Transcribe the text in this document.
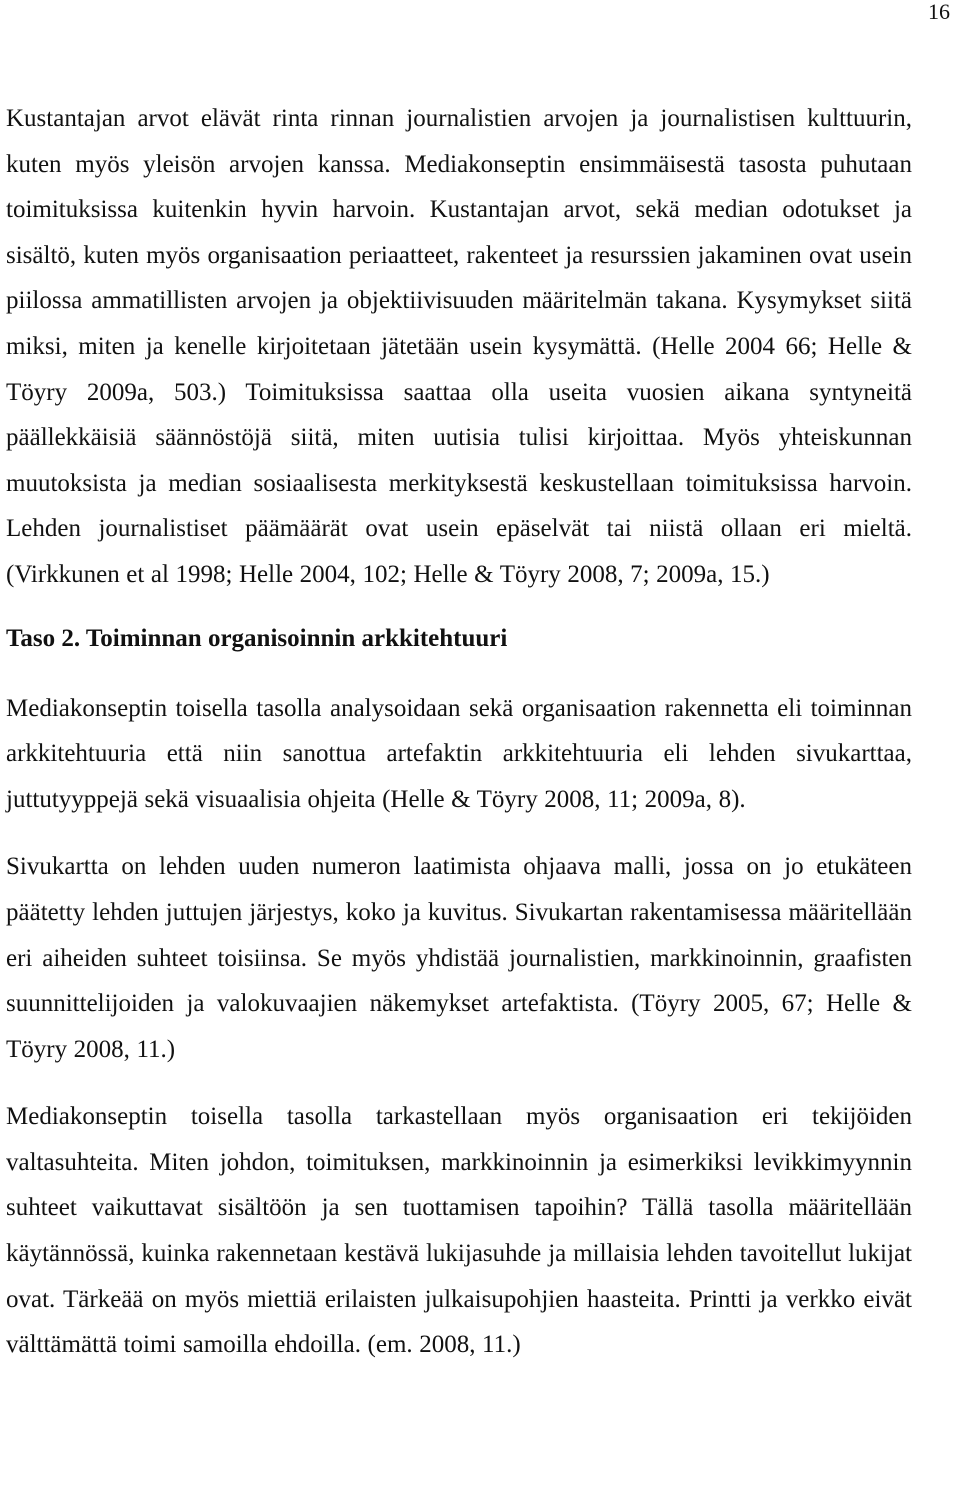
16

Kustantajan arvot elävät rinta rinnan journalistien arvojen ja journalistisen kulttuurin, kuten myös yleisön arvojen kanssa. Mediakonseptin ensimmäisestä tasosta puhutaan toimituksissa kuitenkin hyvin harvoin. Kustantajan arvot, sekä median odotukset ja sisältö, kuten myös organisaation periaatteet, rakenteet ja resurssien jakaminen ovat usein piilossa ammatillisten arvojen ja objektiivisuuden määritelmän takana. Kysymykset siitä miksi, miten ja kenelle kirjoitetaan jätetään usein kysymättä. (Helle 2004 66; Helle & Töyry 2009a, 503.) Toimituksissa saattaa olla useita vuosien aikana syntyneitä päällekkäisiä säännöstöjä siitä, miten uutisia tulisi kirjoittaa. Myös yhteiskunnan muutoksista ja median sosiaalisesta merkityksestä keskustellaan toimituksissa harvoin. Lehden journalistiset päämäärät ovat usein epäselvät tai niistä ollaan eri mieltä. (Virkkunen et al 1998; Helle 2004, 102; Helle & Töyry 2008, 7; 2009a, 15.)

Taso 2. Toiminnan organisoinnin arkkitehtuuri

Mediakonseptin toisella tasolla analysoidaan sekä organisaation rakennetta eli toiminnan arkkitehtuuria että niin sanottua artefaktin arkkitehtuuria eli lehden sivukarttaa, juttutyyppejä sekä visuaalisia ohjeita (Helle & Töyry 2008, 11; 2009a, 8).

Sivukartta on lehden uuden numeron laatimista ohjaava malli, jossa on jo etukäteen päätetty lehden juttujen järjestys, koko ja kuvitus. Sivukartan rakentamisessa määritellään eri aiheiden suhteet toisiinsa. Se myös yhdistää journalistien, markkinoinnin, graafisten suunnittelijoiden ja valokuvaajien näkemykset artefaktista. (Töyry 2005, 67; Helle & Töyry 2008, 11.)

Mediakonseptin toisella tasolla tarkastellaan myös organisaation eri tekijöiden valtasuhteita. Miten johdon, toimituksen, markkinoinnin ja esimerkiksi levikkimyynnin suhteet vaikuttavat sisältöön ja sen tuottamisen tapoihin? Tällä tasolla määritellään käytännössä, kuinka rakennetaan kestävä lukijasuhde ja millaisia lehden tavoitellut lukijat ovat. Tärkeää on myös miettiä erilaisten julkaisupohjien haasteita. Printti ja verkko eivät välttämättä toimi samoilla ehdoilla. (em. 2008, 11.)
